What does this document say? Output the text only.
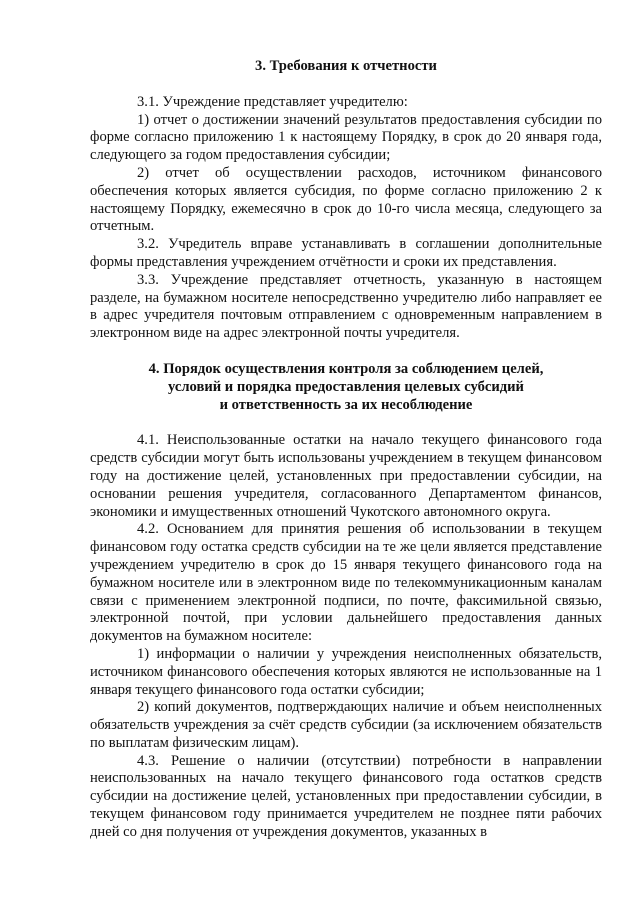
3. Требования к отчетности

3.1. Учреждение представляет учредителю:

1) отчет о достижении значений результатов предоставления субсидии по форме согласно приложению 1 к настоящему Порядку, в срок до 20 января года, следующего за годом предоставления субсидии;

2) отчет об осуществлении расходов, источником финансового обеспечения которых является субсидия, по форме согласно приложению 2 к настоящему Порядку, ежемесячно в срок до 10-го числа месяца, следующего за отчетным.

3.2. Учредитель вправе устанавливать в соглашении дополнительные формы представления учреждением отчётности и сроки их представления.

3.3. Учреждение представляет отчетность, указанную в настоящем разделе, на бумажном носителе непосредственно учредителю либо направляет ее в адрес учредителя почтовым отправлением с одновременным направлением в электронном виде на адрес электронной почты учредителя.

4. Порядок осуществления контроля за соблюдением целей,
условий и порядка предоставления целевых субсидий
и ответственность за их несоблюдение

4.1. Неиспользованные остатки на начало текущего финансового года средств субсидии могут быть использованы учреждением в текущем финансовом году на достижение целей, установленных при предоставлении субсидии, на основании решения учредителя, согласованного Департаментом финансов, экономики и имущественных отношений Чукотского автономного округа.

4.2. Основанием для принятия решения об использовании в текущем финансовом году остатка средств субсидии на те же цели является представление учреждением учредителю в срок до 15 января текущего финансового года на бумажном носителе или в электронном виде по телекоммуникационным каналам связи с применением электронной подписи, по почте, факсимильной связью, электронной почтой, при условии дальнейшего предоставления данных документов на бумажном носителе:

1) информации о наличии у учреждения неисполненных обязательств, источником финансового обеспечения которых являются не использованные на 1 января текущего финансового года остатки субсидии;

2) копий документов, подтверждающих наличие и объем неисполненных обязательств учреждения за счёт средств субсидии (за исключением обязательств по выплатам физическим лицам).

4.3. Решение о наличии (отсутствии) потребности в направлении неиспользованных на начало текущего финансового года остатков средств субсидии на достижение целей, установленных при предоставлении субсидии, в текущем финансовом году принимается учредителем не позднее пяти рабочих дней со дня получения от учреждения документов, указанных в
